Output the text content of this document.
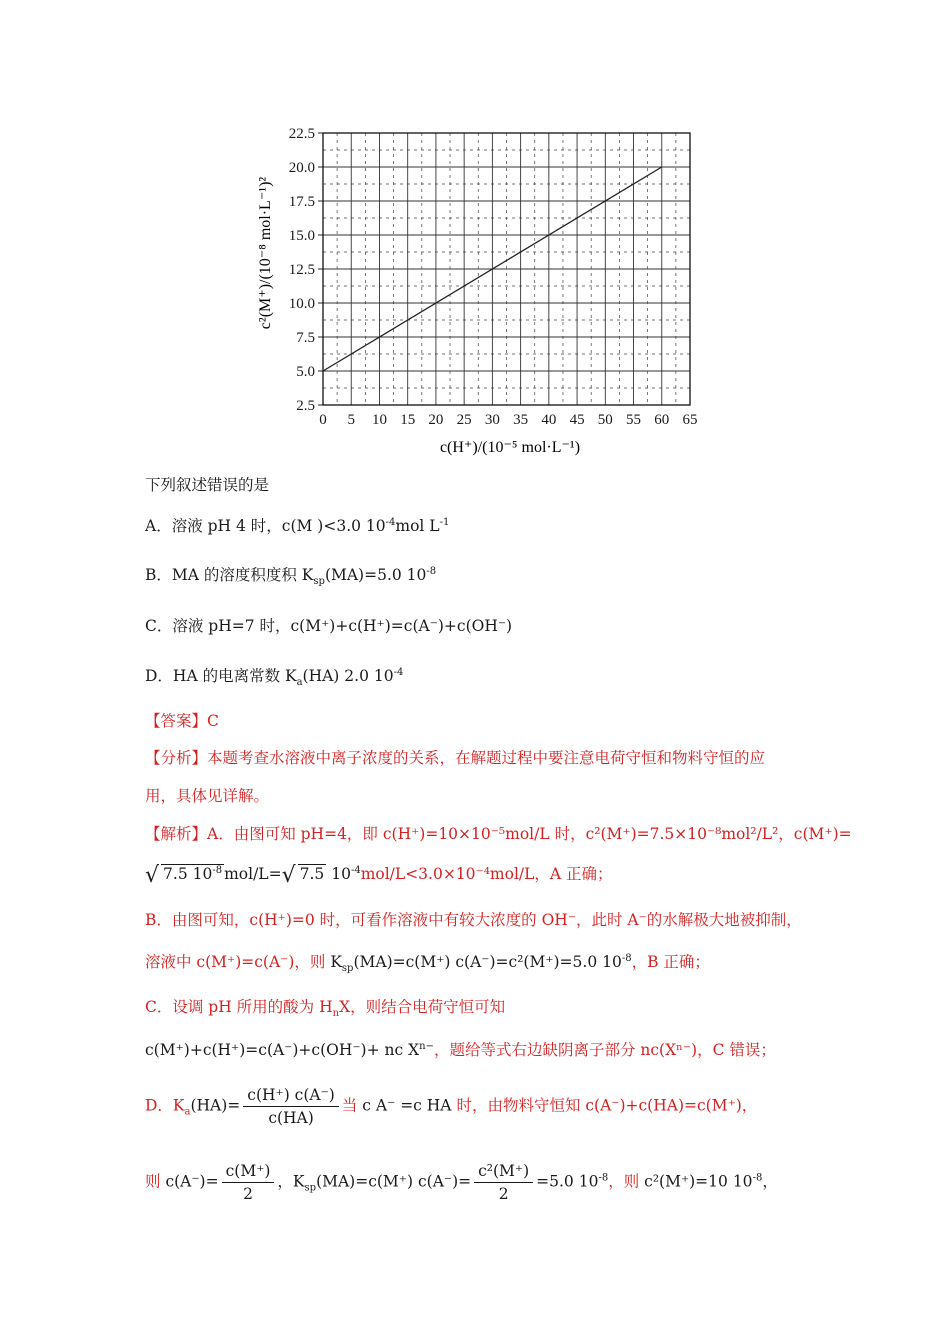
0 5 10 15 20 25 30 35 40 45 50 55 60 65
2.5
5.0
7.5
10.0
12.5
15.0
17.5
20.0
22.5
c(H⁺)/(10⁻⁵ mol·L⁻¹)
c²(M⁺)/(10⁻⁸ mol·L⁻¹)²
下列叙述错误的是
A．溶液 pH 4 时，c(M )<3.0 $10^{-4}mol$ $L^{-1}$
B．MA 的溶度积度积 $K_{sp}(MA)=5.0$ $10^{-8}$
C．溶液 pH=7 时，c(M⁺)+c(H⁺)=c(A⁻)+c(OH⁻)
D．HA 的电离常数 $K_a(HA)$ 2.0 $10^{-4}$
【答案】C
【分析】本题考查水溶液中离子浓度的关系，在解题过程中要注意电荷守恒和物料守恒的应
用，具体见详解。
【解析】A．由图可知 pH=4，即 c(H⁺)=10×10⁻⁵mol/L 时，c²(M⁺)=7.5×10⁻⁸mol²/L²，c(M⁺)=
√ 7.5 $10^{-8}$ mol/L=√ 7.5 $10^{-4}mol/L<3.0\times 10^{-4}mol/L$，A 正确；
B．由图可知，c(H⁺)=0 时，可看作溶液中有较大浓度的 OH⁻，此时 A⁻的水解极大地被抑制，
溶液中 c(M⁺)=c(A⁻)，则 $K_{sp}(MA)=c(M^+)$ c(A⁻)=c²(M⁺)=5.0 $10^{-8}$，B 正确；
C．设调 pH 所用的酸为 $H_nX$，则结合电荷守恒可知
c(M⁺)+c(H⁺)=c(A⁻)+c(OH⁻)+ nc $X^{n-}$，题给等式右边缺阴离子部分 nc(Xⁿ⁻)，C 错误；
D．$K_a(HA)= \frac{c(H^+) c(A^-)}{c(HA)}$ 当 c A⁻ =c HA 时，由物料守恒知 c(A⁻)+c(HA)=c(M⁺)，
则 $c(A^-)= \frac{c(M^+)}{2}$ ，$K_{sp}(MA)=c(M^+)$ $c(A^-)= \frac{\text{c²(M⁺)}}{2} =5.0$ $10^{-8}$，则 c²(M⁺)=10 $10^{-8}$，
